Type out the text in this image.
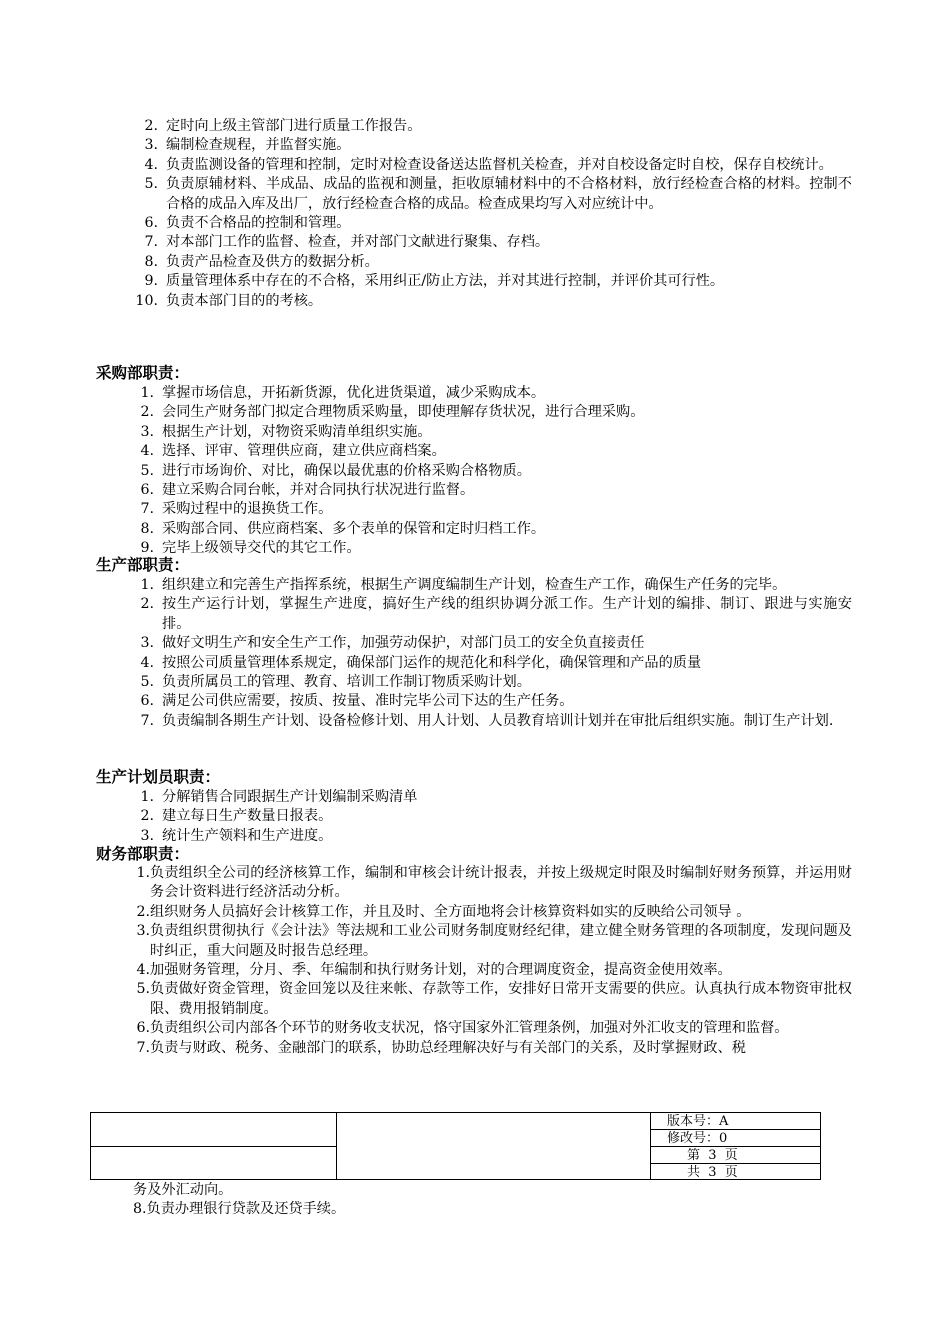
2. 定时向上级主管部门进行质量工作报告。
3. 编制检查规程，并监督实施。
4. 负责监测设备的管理和控制，定时对检查设备送达监督机关检查，并对自校设备定时自校，保存自校统计。
5. 负责原辅材料、半成品、成品的监视和测量，拒收原辅材料中的不合格材料，放行经检查合格的材料。控制不合格的成品入库及出厂，放行经检查合格的成品。检查成果均写入对应统计中。
6. 负责不合格品的控制和管理。
7. 对本部门工作的监督、检查，并对部门文献进行聚集、存档。
8. 负责产品检查及供方的数据分析。
9. 质量管理体系中存在的不合格，采用纠正/防止方法，并对其进行控制，并评价其可行性。
10. 负责本部门目的的考核。
采购部职责：
1. 掌握市场信息，开拓新货源，优化进货渠道，减少采购成本。
2. 会同生产财务部门拟定合理物质采购量，即使理解存货状况，进行合理采购。
3. 根据生产计划，对物资采购清单组织实施。
4. 选择、评审、管理供应商，建立供应商档案。
5. 进行市场询价、对比，确保以最优惠的价格采购合格物质。
6. 建立采购合同台帐，并对合同执行状况进行监督。
7. 采购过程中的退换货工作。
8. 采购部合同、供应商档案、多个表单的保管和定时归档工作。
9. 完毕上级领导交代的其它工作。
生产部职责：
1. 组织建立和完善生产指挥系统，根据生产调度编制生产计划，检查生产工作，确保生产任务的完毕。
2. 按生产运行计划，掌握生产进度，搞好生产线的组织协调分派工作。生产计划的编排、制订、跟进与实施安排。
3. 做好文明生产和安全生产工作，加强劳动保护，对部门员工的安全负直接责任
4. 按照公司质量管理体系规定，确保部门运作的规范化和科学化，确保管理和产品的质量
5. 负责所属员工的管理、教育、培训工作制订物质采购计划。
6. 满足公司供应需要，按质、按量、准时完毕公司下达的生产任务。
7. 负责编制各期生产计划、设备检修计划、用人计划、人员教育培训计划并在审批后组织实施。制订生产计划.
生产计划员职责：
1. 分解销售合同跟据生产计划编制采购清单
2. 建立每日生产数量日报表。
3. 统计生产领料和生产进度。
财务部职责：
1. 负责组织全公司的经济核算工作，编制和审核会计统计报表，并按上级规定时限及时编制好财务预算，并运用财务会计资料进行经济活动分析。
2. 组织财务人员搞好会计核算工作，并且及时、全方面地将会计核算资料如实的反映给公司领导 。
3. 负责组织贯彻执行《会计法》等法规和工业公司财务制度财经纪律，建立健全财务管理的各项制度，发现问题及时纠正，重大问题及时报告总经理。
4. 加强财务管理，分月、季、年编制和执行财务计划，对的合理调度资金，提高资金使用效率。
5. 负责做好资金管理，资金回笼以及往来帐、存款等工作，安排好日常开支需要的供应。认真执行成本物资审批权限、费用报销制度。
6. 负责组织公司内部各个环节的财务收支状况，恪守国家外汇管理条例，加强对外汇收支的管理和监督。
7. 负责与财政、税务、金融部门的联系，协助总经理解决好与有关部门的关系，及时掌握财政、税
版本号：A
修改号：0
第  3  页
共  3  页
务及外汇动向。
8.负责办理银行贷款及还贷手续。
